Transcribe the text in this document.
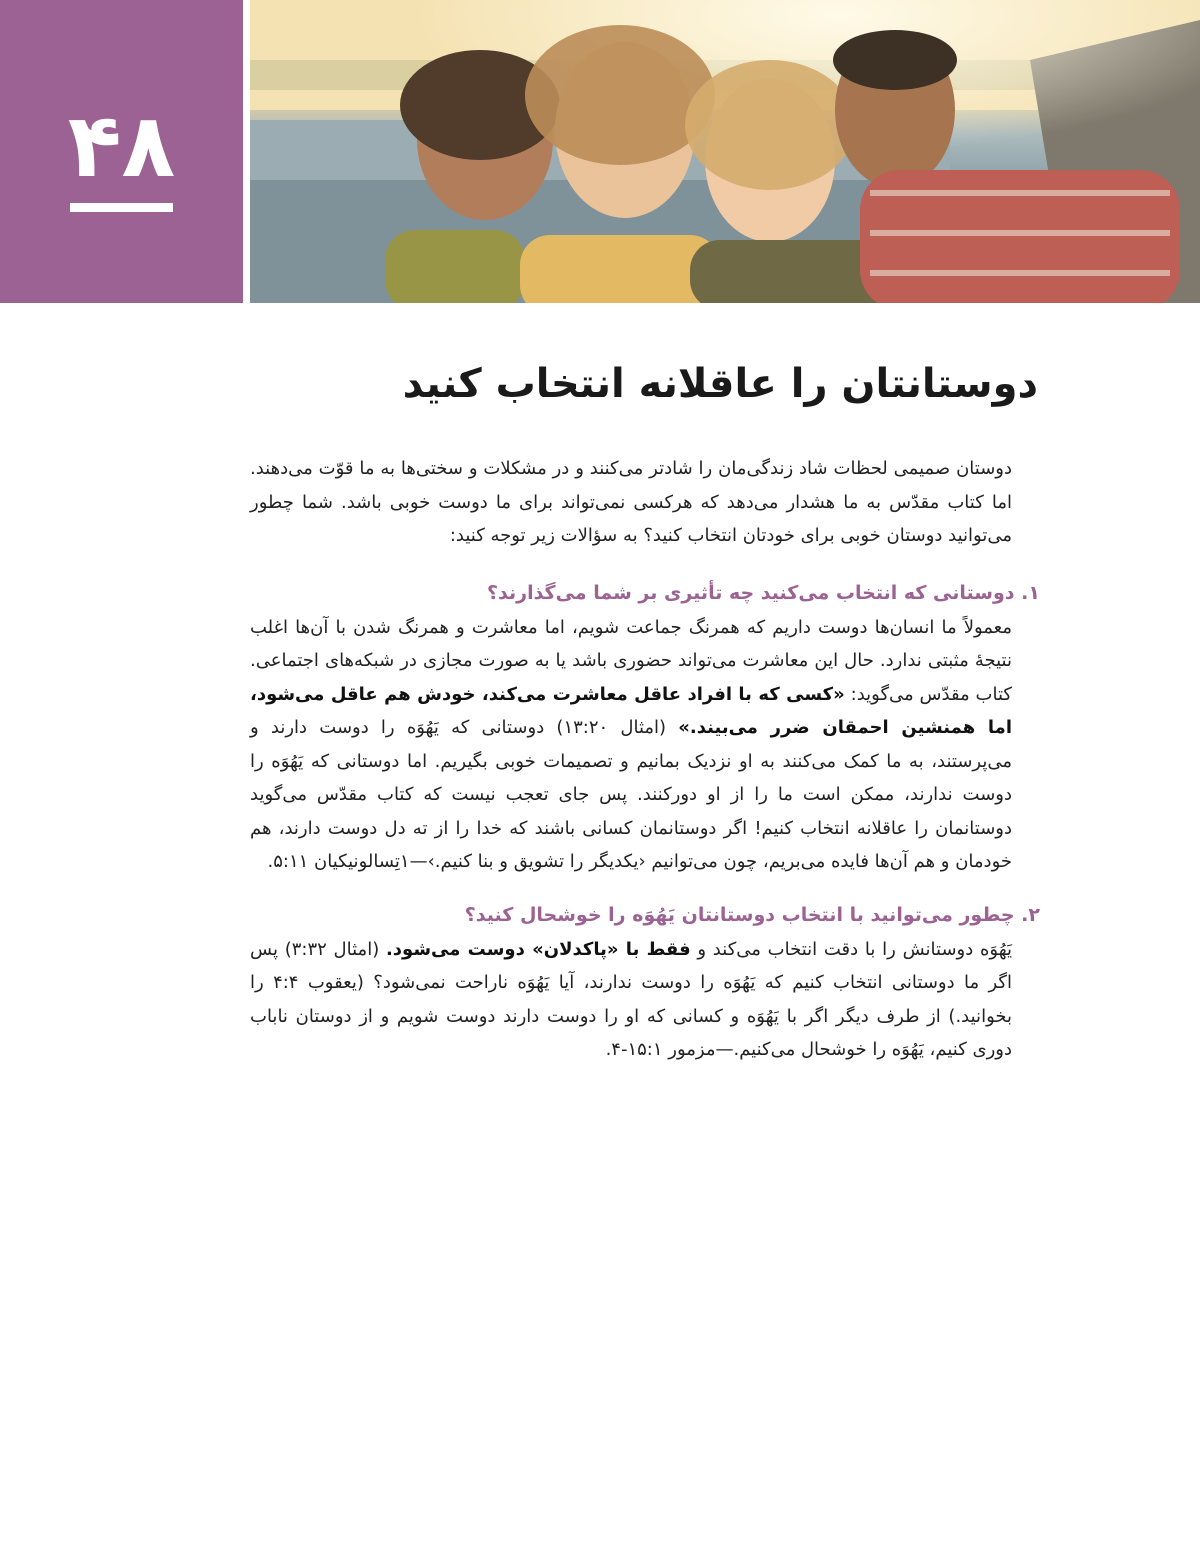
۴۸
دوستانتان را عاقلانه انتخاب کنید

دوستان صمیمی لحظات شاد زندگی‌مان را شادتر می‌کنند و در مشکلات و سختی‌ها به ما قوّت می‌دهند. اما کتاب مقدّس به ما هشدار می‌دهد که هرکسی نمی‌تواند برای ما دوست خوبی باشد. شما چطور می‌توانید دوستان خوبی برای خودتان انتخاب کنید؟ به سؤالات زیر توجه کنید:

۱. دوستانی که انتخاب می‌کنید چه تأثیری بر شما می‌گذارند؟

معمولاً ما انسان‌ها دوست داریم که همرنگ جماعت شویم، اما معاشرت و همرنگ شدن با آن‌ها اغلب نتیجهٔ مثبتی ندارد. حال این معاشرت می‌تواند حضوری باشد یا به صورت مجازی در شبکه‌های اجتماعی. کتاب مقدّس می‌گوید: «کسی که با افراد عاقل معاشرت می‌کند، خودش هم عاقل می‌شود، اما همنشین احمقان ضرر می‌بیند.» (امثال ۱۳:۲۰) دوستانی که یَهُوَه را دوست دارند و می‌پرستند، به ما کمک می‌کنند به او نزدیک بمانیم و تصمیمات خوبی بگیریم. اما دوستانی که یَهُوَه را دوست ندارند، ممکن است ما را از او دورکنند. پس جای تعجب نیست که کتاب مقدّس می‌گوید دوستانمان را عاقلانه انتخاب کنیم! اگر دوستانمان کسانی باشند که خدا را از ته دل دوست دارند، هم خودمان و هم آن‌ها فایده می‌بریم، چون می‌توانیم ‹یکدیگر را تشویق و بنا کنیم.›—۱تِسالونیکیان ۵:۱۱.

۲. چطور می‌توانید با انتخاب دوستانتان یَهُوَه را خوشحال کنید؟

یَهُوَه دوستانش را با دقت انتخاب می‌کند و فقط با «پاکدلان» دوست می‌شود. (امثال ۳:۳۲) پس اگر ما دوستانی انتخاب کنیم که یَهُوَه را دوست ندارند، آیا یَهُوَه ناراحت نمی‌شود؟ (یعقوب ۴:۴ را بخوانید.) از طرف دیگر اگر با یَهُوَه و کسانی که او را دوست دارند دوست شویم و از دوستان ناباب دوری کنیم، یَهُوَه را خوشحال می‌کنیم.—مزمور ۱۵:۱-۴.
